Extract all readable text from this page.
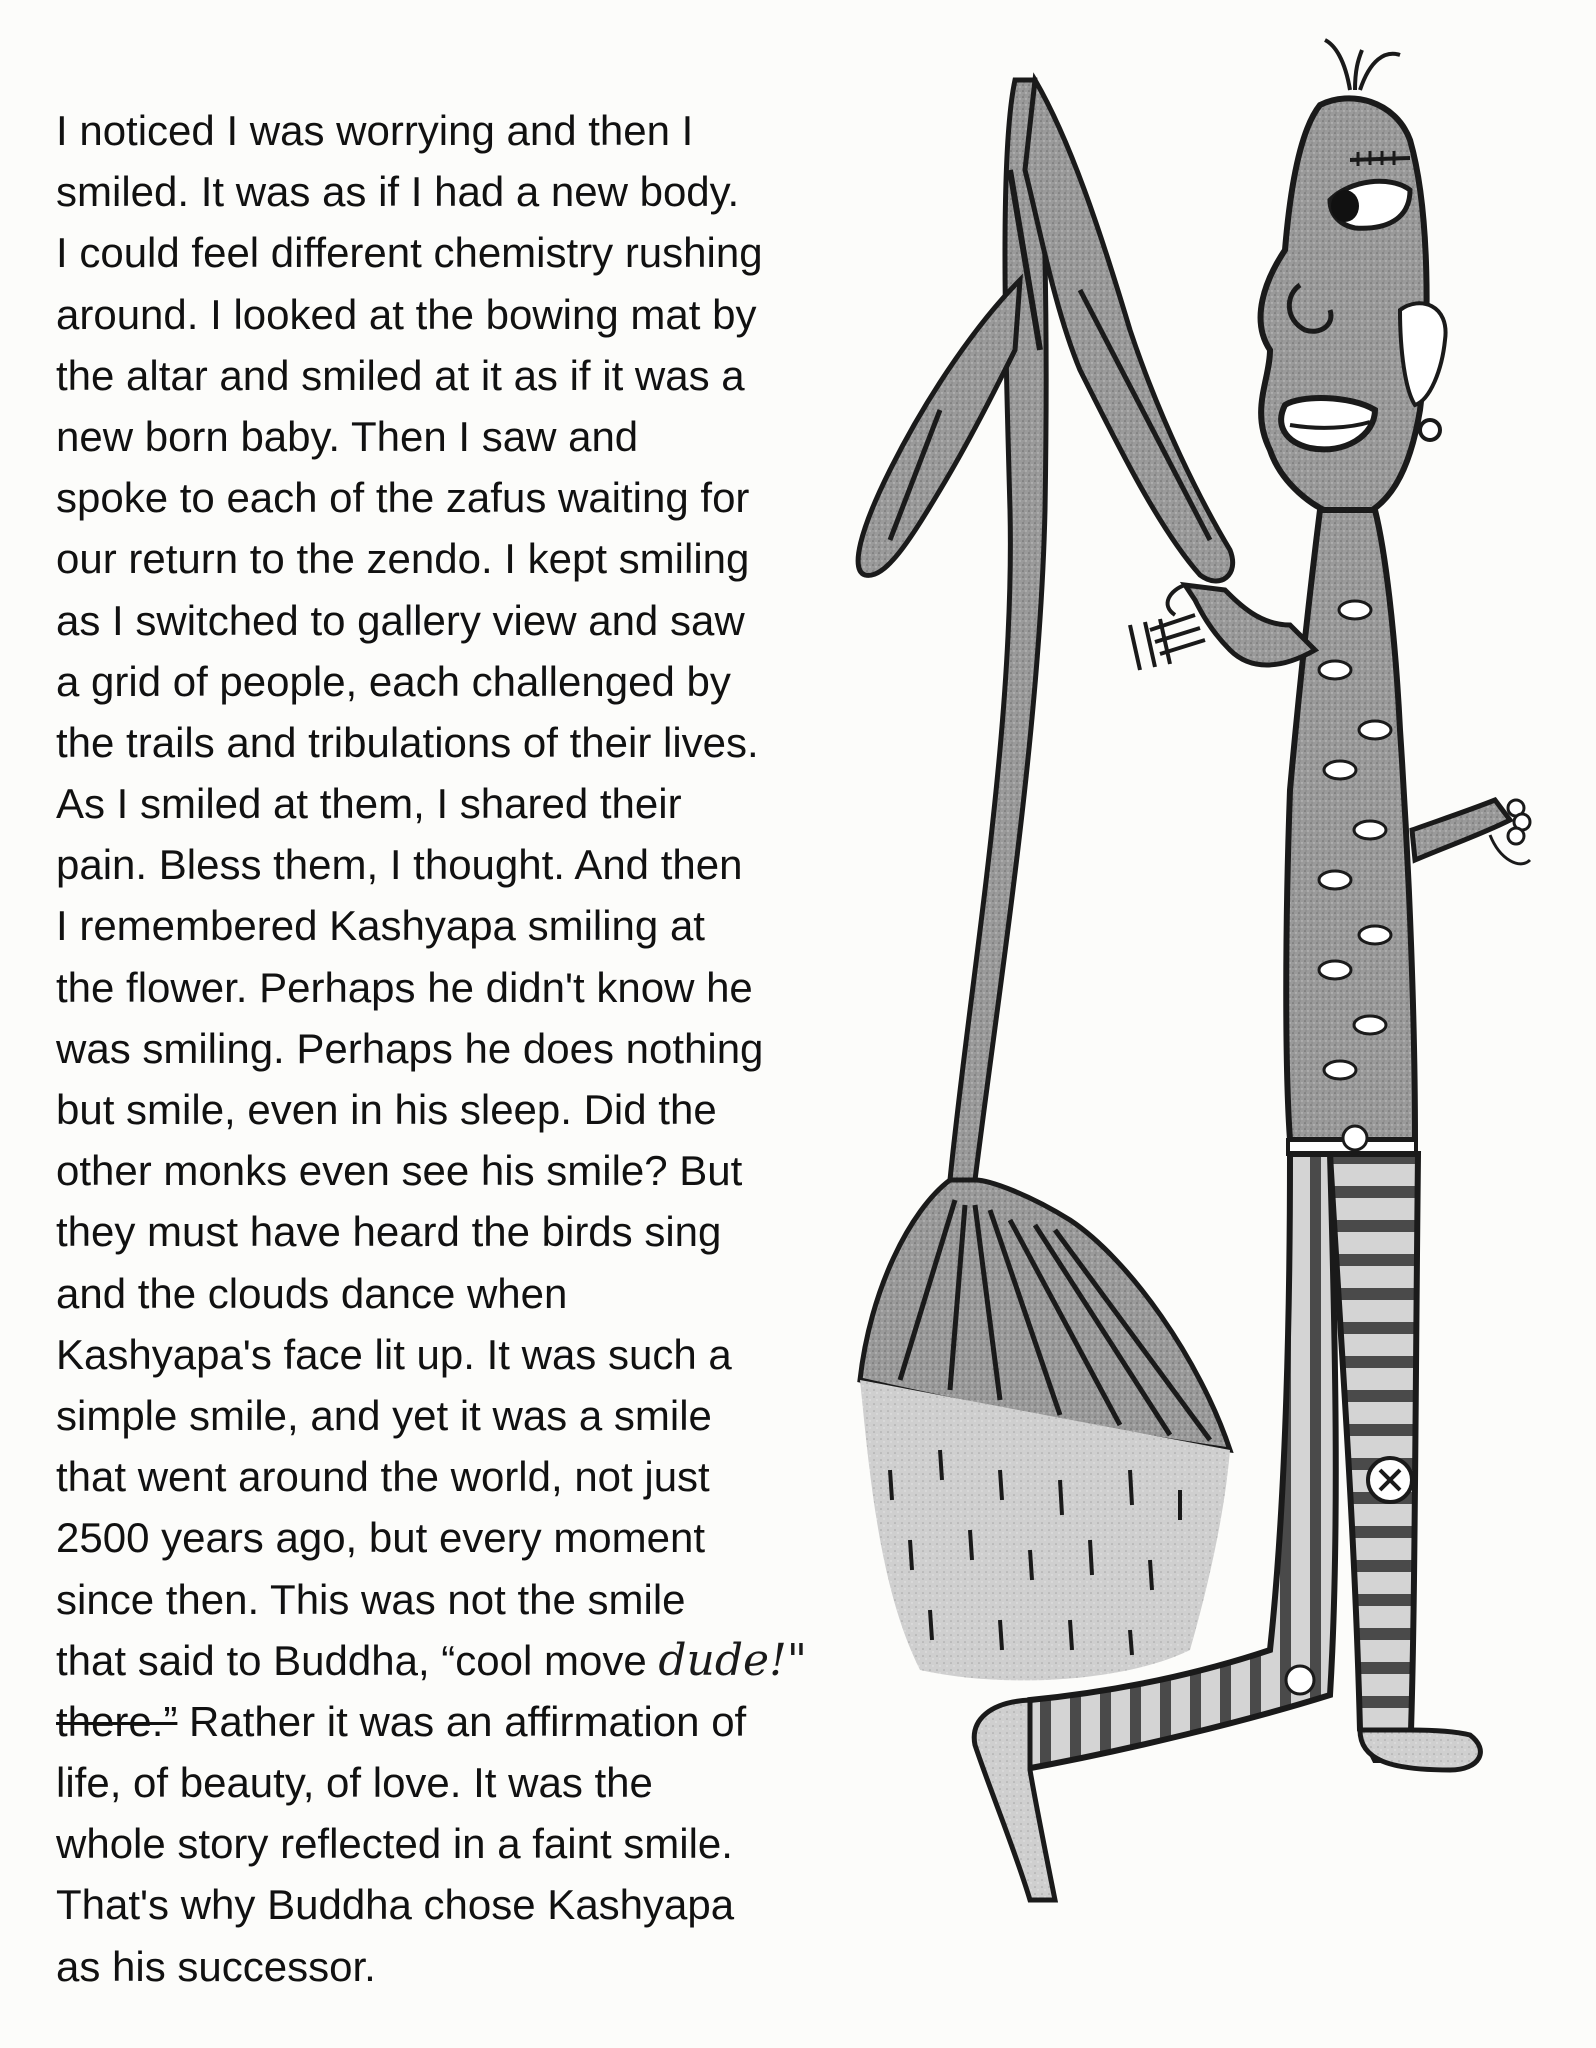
I noticed I was worrying and then I
smiled. It was as if I had a new body.
I could feel different chemistry rushing
around. I looked at the bowing mat by
the altar and smiled at it as if it was a
new born baby. Then I saw and
spoke to each of the zafus waiting for
our return to the zendo. I kept smiling
as I switched to gallery view and saw
a grid of people, each challenged by
the trails and tribulations of their lives.
As I smiled at them, I shared their
pain. Bless them, I thought. And then
I remembered Kashyapa smiling at
the flower. Perhaps he didn't know he
was smiling. Perhaps he does nothing
but smile, even in his sleep. Did the
other monks even see his smile? But
they must have heard the birds sing
and the clouds dance when
Kashyapa's face lit up. It was such a
simple smile, and yet it was a smile
that went around the world, not just
2500 years ago, but every moment
since then. This was not the smile
that said to Buddha, “cool move dude!"
there.” Rather it was an affirmation of
life, of beauty, of love. It was the
whole story reflected in a faint smile.
That's why Buddha chose Kashyapa
as his successor.
